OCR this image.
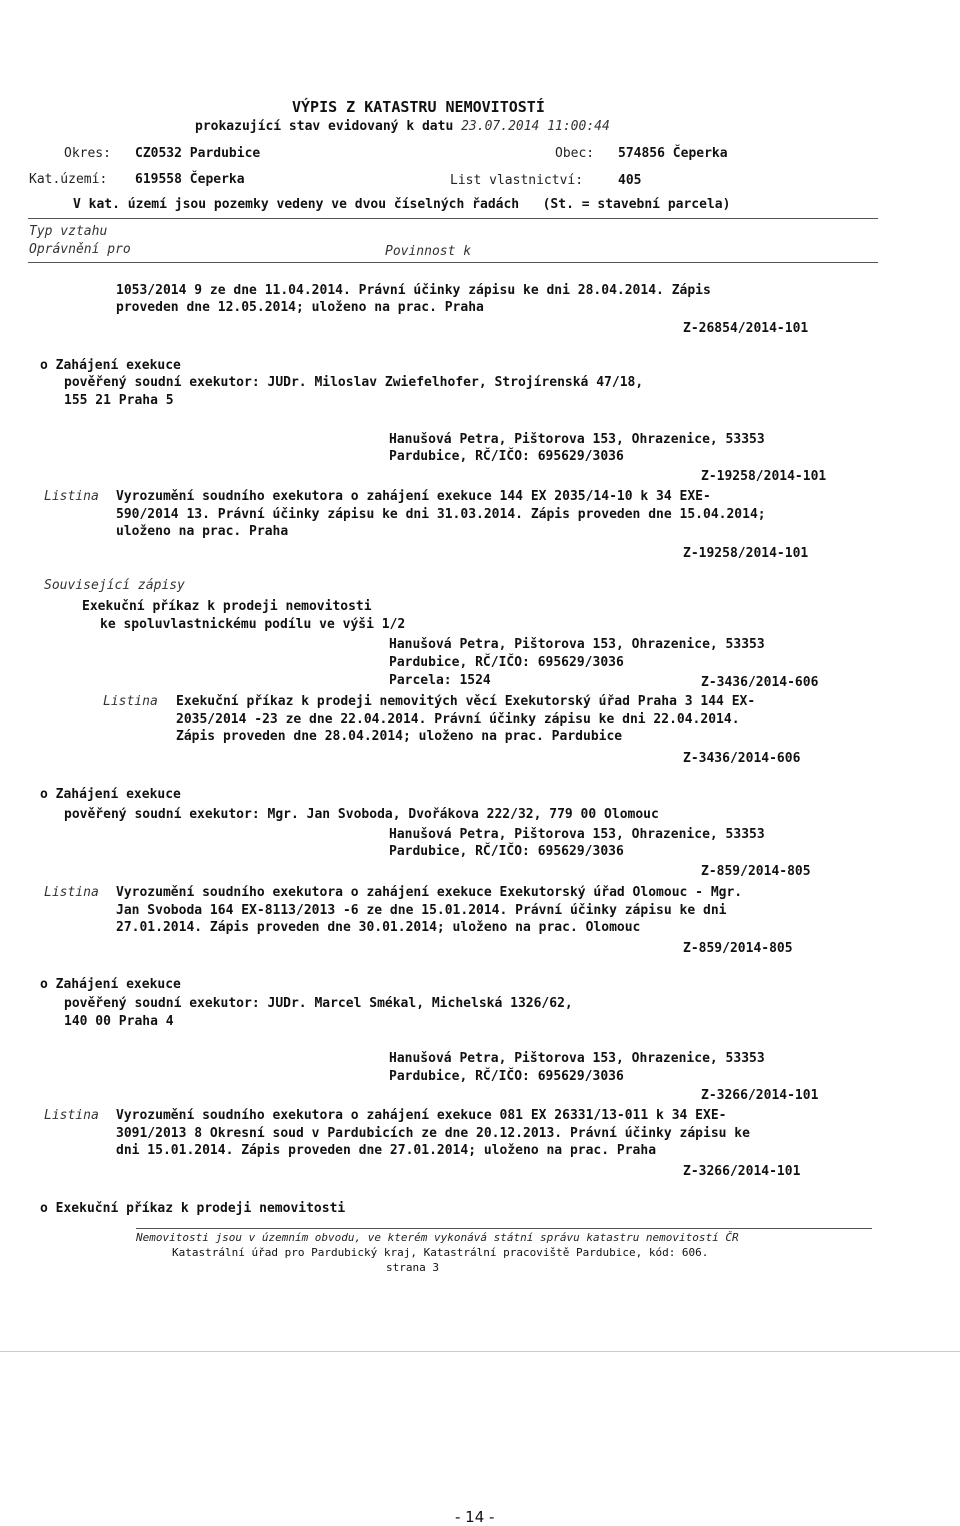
VÝPIS Z KATASTRU NEMOVITOSTÍ
prokazující stav evidovaný k datu 23.07.2014 11:00:44
Okres: CZ0532 Pardubice	Obec: 574856 Čeperka
Kat.území: 619558 Čeperka	List vlastnictví:	405
V kat. území jsou pozemky vedeny ve dvou číselných řadách   (St. = stavební parcela)
Typ vztahu
Oprávnění pro	Povinnost k
1053/2014 9 ze dne 11.04.2014. Právní účinky zápisu ke dni 28.04.2014. Zápis
proveden dne 12.05.2014; uloženo na prac. Praha
Z-26854/2014-101
o Zahájení exekuce
pověřený soudní exekutor: JUDr. Miloslav Zwiefelhofer, Strojírenská 47/18,
155 21 Praha 5
Hanušová Petra, Pištorova 153, Ohrazenice, 53353
Pardubice, RČ/IČO: 695629/3036
Z-19258/2014-101
Listina Vyrozumění soudního exekutora o zahájení exekuce 144 EX 2035/14-10 k 34 EXE-
590/2014 13. Právní účinky zápisu ke dni 31.03.2014. Zápis proveden dne 15.04.2014;
uloženo na prac. Praha
Z-19258/2014-101
Související zápisy
Exekuční příkaz k prodeji nemovitosti
ke spoluvlastnickému podílu ve výši 1/2
Hanušová Petra, Pištorova 153, Ohrazenice, 53353
Pardubice, RČ/IČO: 695629/3036
Parcela: 1524	Z-3436/2014-606
Listina Exekuční příkaz k prodeji nemovitých věcí Exekutorský úřad Praha 3 144 EX-
2035/2014 -23 ze dne 22.04.2014. Právní účinky zápisu ke dni 22.04.2014.
Zápis proveden dne 28.04.2014; uloženo na prac. Pardubice
Z-3436/2014-606
o Zahájení exekuce
pověřený soudní exekutor: Mgr. Jan Svoboda, Dvořákova 222/32, 779 00 Olomouc
Hanušová Petra, Pištorova 153, Ohrazenice, 53353
Pardubice, RČ/IČO: 695629/3036
Z-859/2014-805
Listina Vyrozumění soudního exekutora o zahájení exekuce Exekutorský úřad Olomouc - Mgr.
Jan Svoboda 164 EX-8113/2013 -6 ze dne 15.01.2014. Právní účinky zápisu ke dni
27.01.2014. Zápis proveden dne 30.01.2014; uloženo na prac. Olomouc
Z-859/2014-805
o Zahájení exekuce
pověřený soudní exekutor: JUDr. Marcel Smékal, Michelská 1326/62,
140 00 Praha 4
Hanušová Petra, Pištorova 153, Ohrazenice, 53353
Pardubice, RČ/IČO: 695629/3036
Z-3266/2014-101
Listina Vyrozumění soudního exekutora o zahájení exekuce 081 EX 26331/13-011 k 34 EXE-
3091/2013 8 Okresní soud v Pardubicích ze dne 20.12.2013. Právní účinky zápisu ke
dni 15.01.2014. Zápis proveden dne 27.01.2014; uloženo na prac. Praha
Z-3266/2014-101
o Exekuční příkaz k prodeji nemovitosti
Nemovitosti jsou v územním obvodu, ve kterém vykonává státní správu katastru nemovitostí ČR
Katastrální úřad pro Pardubický kraj, Katastrální pracoviště Pardubice, kód: 606.
strana 3
- 14 -
